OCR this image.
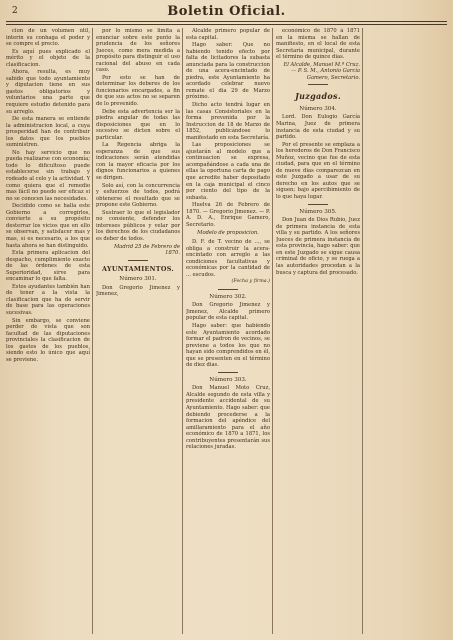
2	Boletin Oficial.

cion de un volumen útil, interin su conhaga el poder y se compre el precio.

Es aquí pues explicado el mérito y el objeto de la clasificacion.

Ahora, resulta, es muy sabido que todo ayuntamiento y diputacion tiene en sus gastos obligatorios y voluntarios una parte que requiere estudio detenido para su arreglo.

De esta manera se entiende la administracion local, a cuya prosperidad han de contribuir los datos que los pueblos suministren.

No hay servicio que no pueda realizarse con economía; todo lo dificultoso puede establecerse sin trabajo y rodeado al celo y la actividad. Y como quiera que el remedio mas fácil no puede ser eficaz si no se conocen las necesidades.

Decidido como se halla este Gobierno a corregirlos, convierte a su propósito desterrar los vicios que en ello se observan, y satisfacer mas y mas, si es necesario, a los que hasta ahora se han distinguido.

Esta primera aplicacion del despacho, cumplimiento exacto de las órdenes de esta Superioridad, sirve para encaminar lo que falta.

Estos ayudantes también han de tener a la vista la clasificacion que ha de servir de base para las operaciones sucesivas.

Sin embargo, se conviene perder de vista que son facultad de las diputaciones provinciales la clasificacion de los gastos de los pueblos, siendo esto lo único que aquí se previene.

por lo mismo se limita a enunciar sobre este punto la prudencia de los señores Jueces, como mera medida a propósito para distinguir el uso racional del abuso en cada caso.

Por esto se han de determinar los deberes de los funcionarios encargados, a fin de que sus actos no se separen de lo prevenido.

Debe esta advertencia ser la piedra angular de todas las disposiciones que en lo sucesivo se dicten sobre el particular.

La Regencia abriga la esperanza de que sus indicaciones serán atendidas con la mayor eficacia por los dignos funcionarios a quienes se dirigen.

Solo así, con la concurrencia y esfuerzos de todos, podrá obtenerse el resultado que se propone este Gobierno.

Sustraer lo que el legislador no consiente, defender los intereses públicos y velar por los derechos de los ciudadanos es deber de todos.

Madrid 25 de Febrero de 1870.

AYUNTAMIENTOS.
Número 301.

Don Gregorio Jimenez y Jimenez,

Alcalde primero popular de esta capital.

Hago saber: Que no habiendo tenido efecto por falta de licitadores la subasta anunciada para la construccion de una acera-encintado de piedra, este Ayuntamiento ha acordado celebrar nuevo remate el dia 29 de Marzo próximo.

Dicho acto tendrá lugar en las casas Consistoriales en la forma prevenida por la Instruccion de 18 de Marzo de 1852, publicándose lo manifestado en esta Secretaría.

Las proposiciones se ajustarán al modelo que a continuacion se expresa, acompañándose a cada una de ellas la oportuna carta de pago que acredite haber depositado en la caja municipal el cinco por ciento del tipo de la subasta.

Huelva 26 de Febrero de 1870. — Gregorio Jimenez. — P. A. D. A., Enrique Gamero, Secretario.

Modelo de proposicion.

D. F. de T. vecino de ..., se obliga a construir la acera-encintado con arreglo a las condiciones facultativas y económicas por la cantidad de ... escudos.

(Fecha y firma.)
Número 302.

Don Gregorio Jimenez y Jimenez, Alcalde primero popular de esta capital.

Hago saber: que habiendo este Ayuntamiento acordado formar el padron de vecinos, se previene a todos los que no hayan sido comprendidos en él, que se presenten en el término de diez dias.

Número 303.

Don Manuel Moto Cruz, Alcalde segundo de esta villa y presidente accidental de su Ayuntamiento. Hago saber: que debiendo procederse a la formacion del apéndice del amillaramiento para el año económico de 1870 a 1871, los contribuyentes presentarán sus relaciones juradas.

económico de 1870 á 1871 en la misma se hallan de manifiesto, en el local de esta Secretaría municipal, durante el término de quince dias.

El Alcalde, Manuel M.ª Cruz. — P. S. M., Antonio García Gamero, Secretario.

Juzgados.
Número 304.

Lord. Don Eulogio García Marina, Juez de primera instancia de esta ciudad y su partido.

Por el presente se emplaza a los herederos de Don Francisco Muñoz, vecino que fue de esta ciudad, para que en el término de nueve dias comparezcan en este Juzgado a usar de su derecho en los autos que se siguen; bajo apercibimiento de lo que haya lugar.

Número 305.

Don Juan de Dios Rubio, Juez de primera instancia de esta villa y su partido. A los señores Jueces de primera instancia de esta provincia, hago saber: que en este Juzgado se sigue causa criminal de oficio, y se ruega a las autoridades procedan a la busca y captura del procesado.
